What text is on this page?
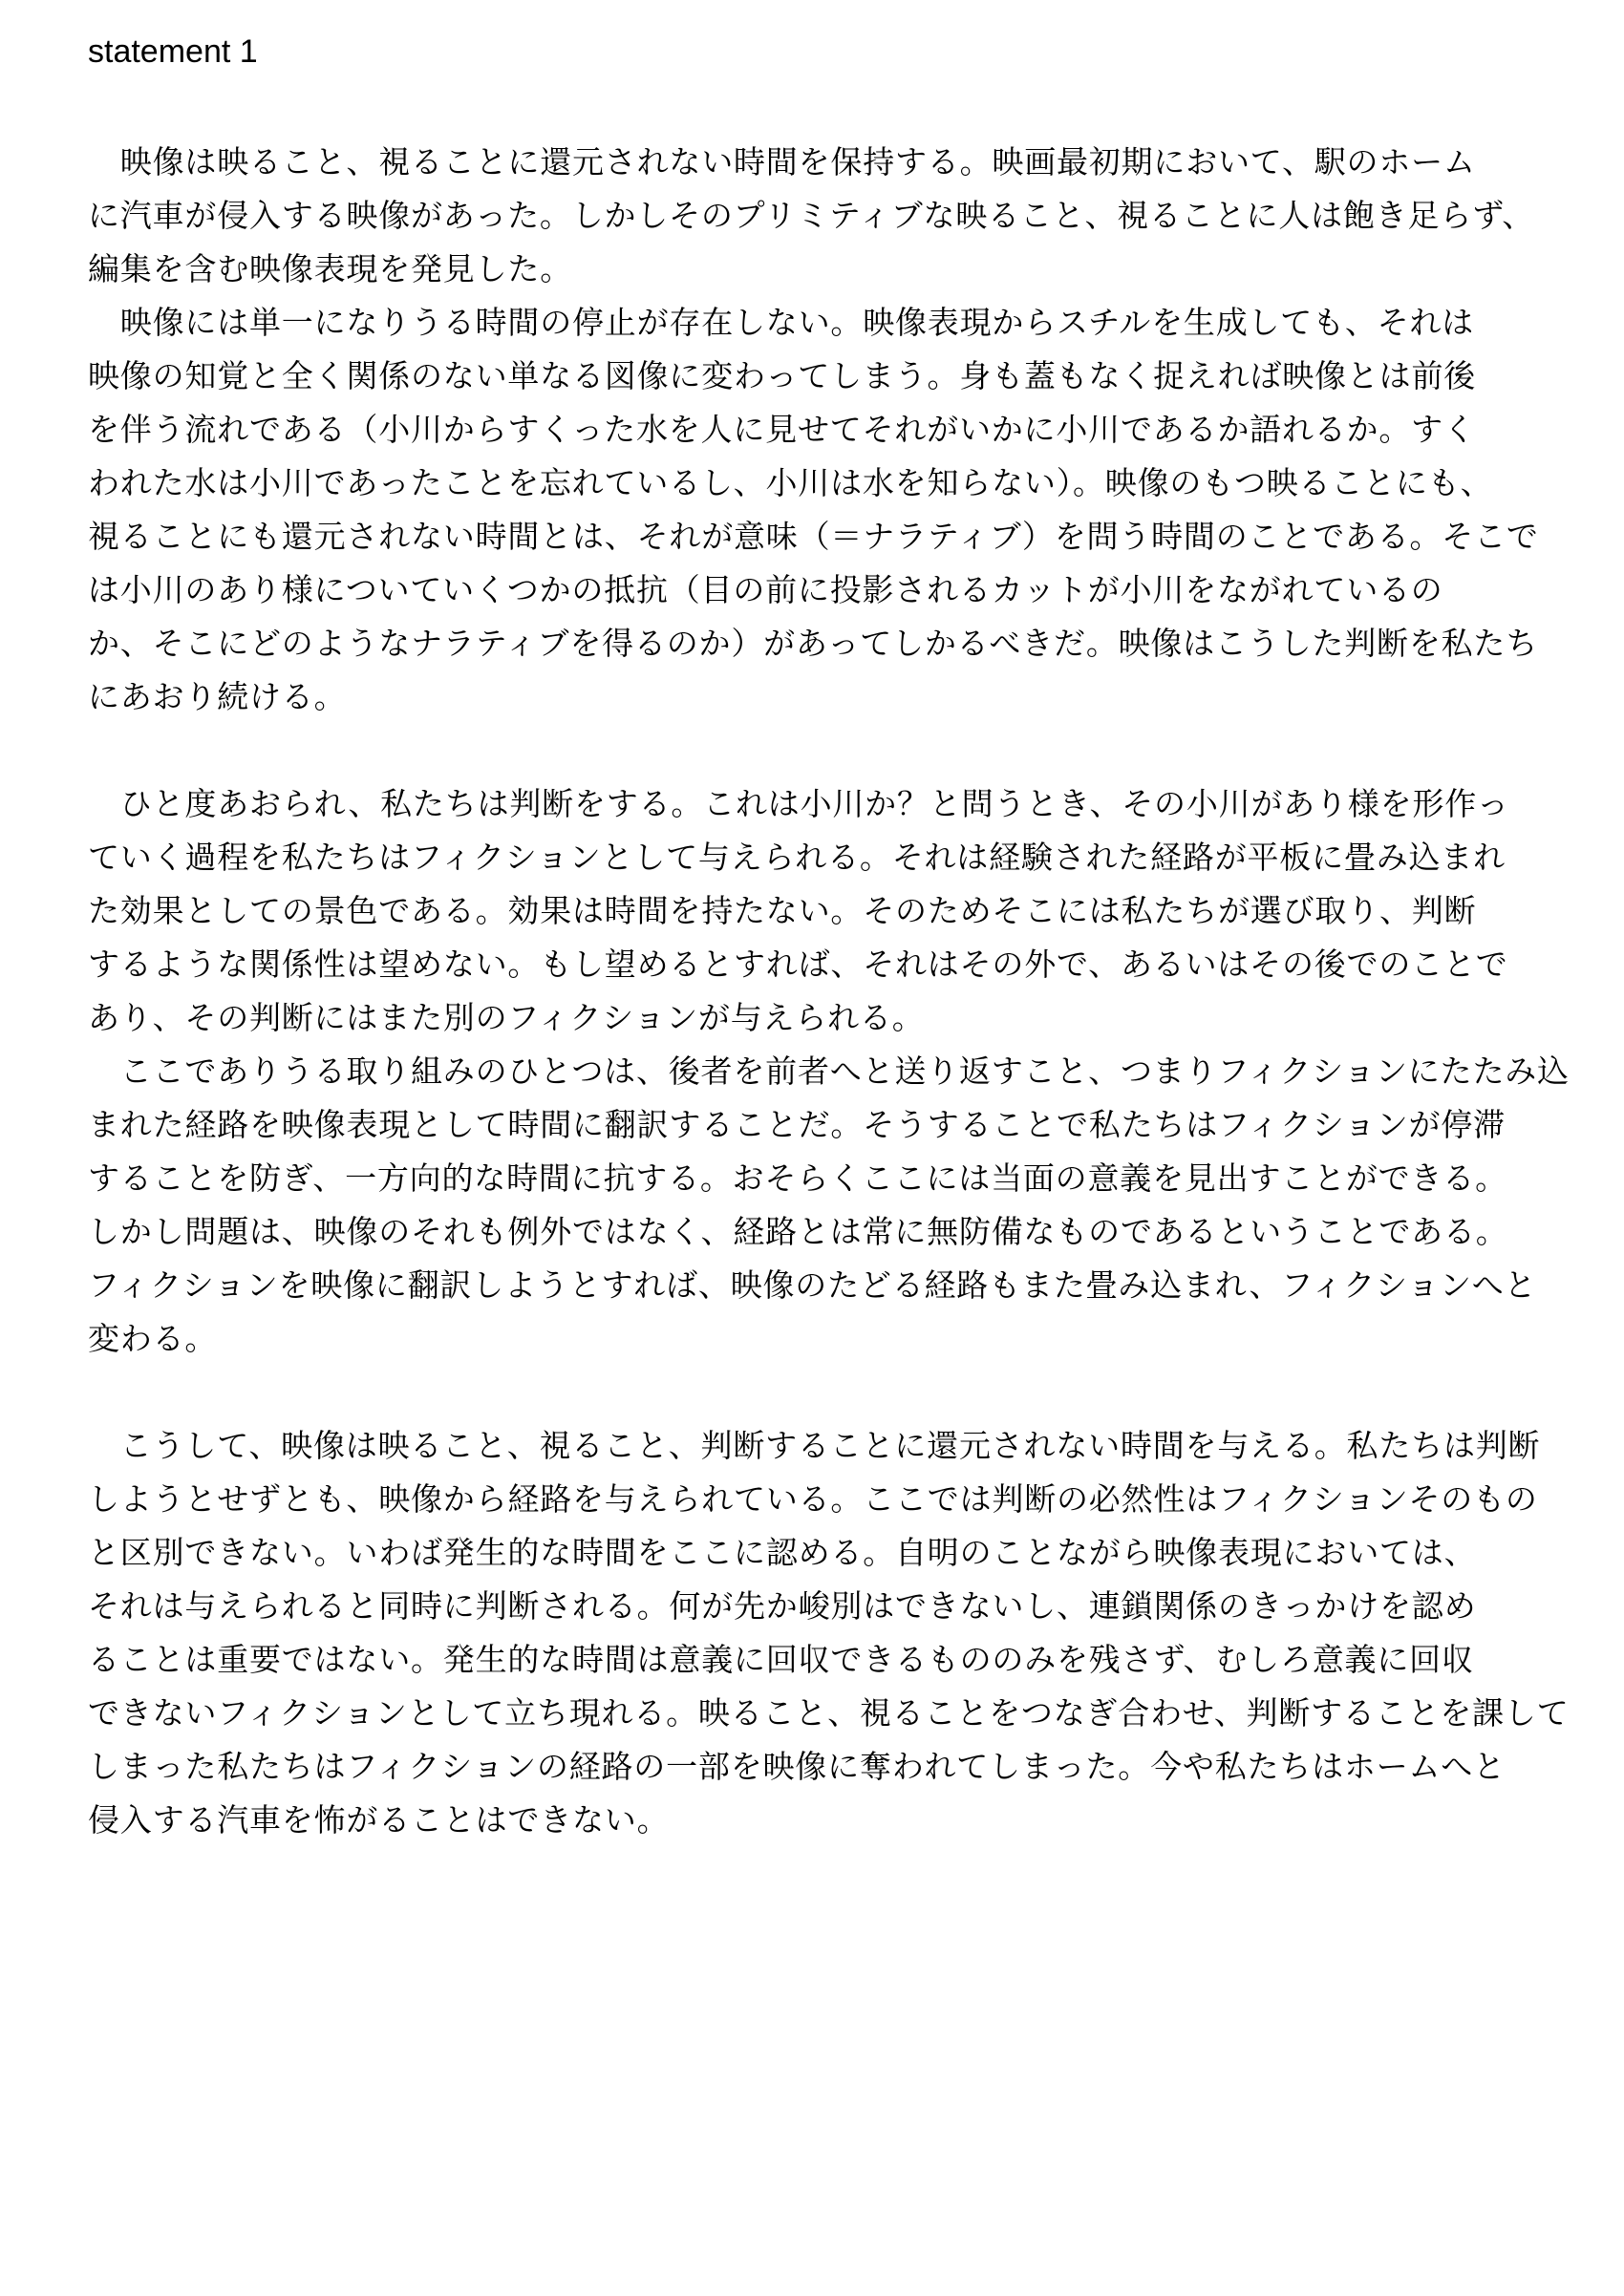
statement 1
　映像は映ること、視ることに還元されない時間を保持する。映画最初期において、駅のホーム
に汽車が侵入する映像があった。しかしそのプリミティブな映ること、視ることに人は飽き足らず、
編集を含む映像表現を発見した。
　映像には単一になりうる時間の停止が存在しない。映像表現からスチルを生成しても、それは
映像の知覚と全く関係のない単なる図像に変わってしまう。身も蓋もなく捉えれば映像とは前後
を伴う流れである（小川からすくった水を人に見せてそれがいかに小川であるか語れるか。すく
われた水は小川であったことを忘れているし、小川は水を知らない）。映像のもつ映ることにも、
視ることにも還元されない時間とは、それが意味（＝ナラティブ）を問う時間のことである。そこで
は小川のあり様についていくつかの抵抗（目の前に投影されるカットが小川をながれているの
か、そこにどのようなナラティブを得るのか）があってしかるべきだ。映像はこうした判断を私たち
にあおり続ける。
　ひと度あおられ、私たちは判断をする。これは小川か？と問うとき、その小川があり様を形作っ
ていく過程を私たちはフィクションとして与えられる。それは経験された経路が平板に畳み込まれ
た効果としての景色である。効果は時間を持たない。そのためそこには私たちが選び取り、判断
するような関係性は望めない。もし望めるとすれば、それはその外で、あるいはその後でのことで
あり、その判断にはまた別のフィクションが与えられる。
　ここでありうる取り組みのひとつは、後者を前者へと送り返すこと、つまりフィクションにたたみ込
まれた経路を映像表現として時間に翻訳することだ。そうすることで私たちはフィクションが停滞
することを防ぎ、一方向的な時間に抗する。おそらくここには当面の意義を見出すことができる。
しかし問題は、映像のそれも例外ではなく、経路とは常に無防備なものであるということである。
フィクションを映像に翻訳しようとすれば、映像のたどる経路もまた畳み込まれ、フィクションへと
変わる。
　こうして、映像は映ること、視ること、判断することに還元されない時間を与える。私たちは判断
しようとせずとも、映像から経路を与えられている。ここでは判断の必然性はフィクションそのもの
と区別できない。いわば発生的な時間をここに認める。自明のことながら映像表現においては、
それは与えられると同時に判断される。何が先か峻別はできないし、連鎖関係のきっかけを認め
ることは重要ではない。発生的な時間は意義に回収できるもののみを残さず、むしろ意義に回収
できないフィクションとして立ち現れる。映ること、視ることをつなぎ合わせ、判断することを課して
しまった私たちはフィクションの経路の一部を映像に奪われてしまった。今や私たちはホームへと
侵入する汽車を怖がることはできない。
